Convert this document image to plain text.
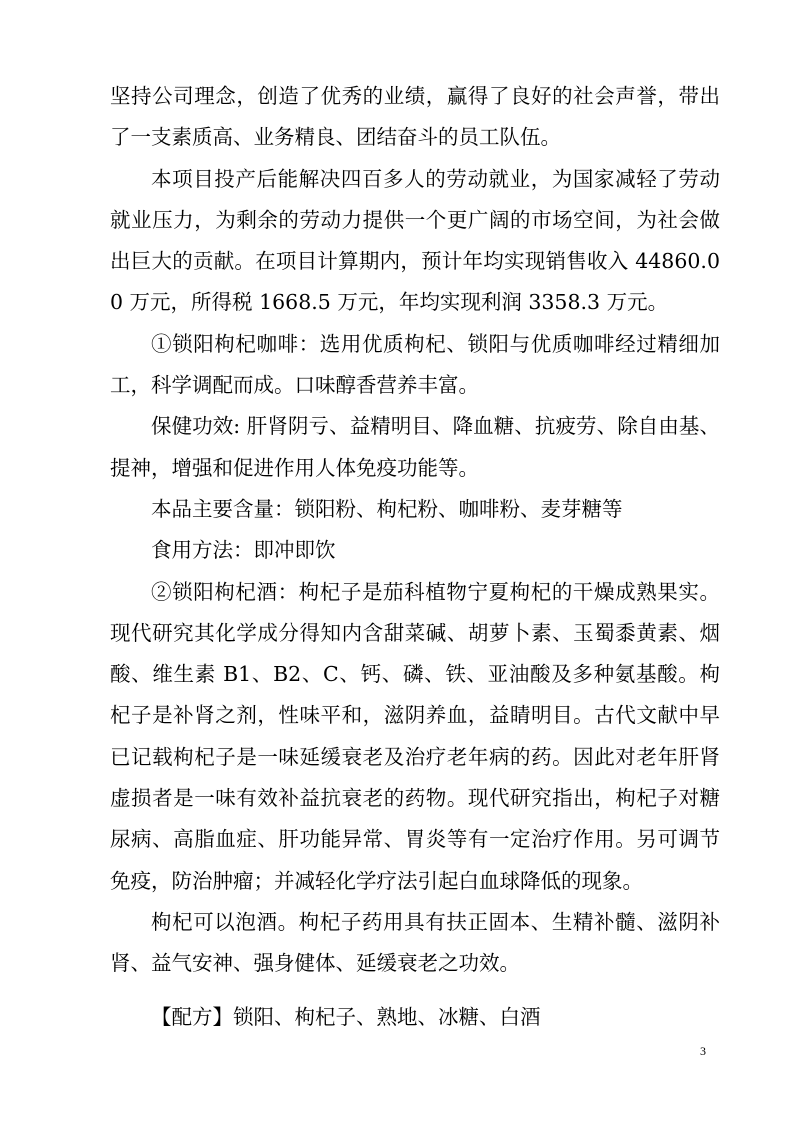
坚持公司理念，创造了优秀的业绩，赢得了良好的社会声誉，带出了一支素质高、业务精良、团结奋斗的员工队伍。

本项目投产后能解决四百多人的劳动就业，为国家减轻了劳动就业压力，为剩余的劳动力提供一个更广阔的市场空间，为社会做出巨大的贡献。在项目计算期内，预计年均实现销售收入 44860.00 万元，所得税 1668.5 万元，年均实现利润 3358.3 万元。

①锁阳枸杞咖啡：选用优质枸杞、锁阳与优质咖啡经过精细加工，科学调配而成。口味醇香营养丰富。

保健功效: 肝肾阴亏、益精明目、降血糖、抗疲劳、除自由基、提神，增强和促进作用人体免疫功能等。

本品主要含量：锁阳粉、枸杞粉、咖啡粉、麦芽糖等

食用方法：即冲即饮

②锁阳枸杞酒：枸杞子是茄科植物宁夏枸杞的干燥成熟果实。 现代研究其化学成分得知内含甜菜碱、胡萝卜素、玉蜀黍黄素、烟酸、维生素 B1、B2、C、钙、磷、铁、亚油酸及多种氨基酸。枸杞子是补肾之剂，性味平和，滋阴养血，益睛明目。古代文献中早已记载枸杞子是一味延缓衰老及治疗老年病的药。因此对老年肝肾虚损者是一味有效补益抗衰老的药物。现代研究指出，枸杞子对糖尿病、高脂血症、肝功能异常、胃炎等有一定治疗作用。另可调节免疫，防治肿瘤；并减轻化学疗法引起白血球降低的现象。

枸杞可以泡酒。枸杞子药用具有扶正固本、生精补髓、滋阴补肾、益气安神、强身健体、延缓衰老之功效。

【配方】锁阳、枸杞子、熟地、冰糖、白酒

3
